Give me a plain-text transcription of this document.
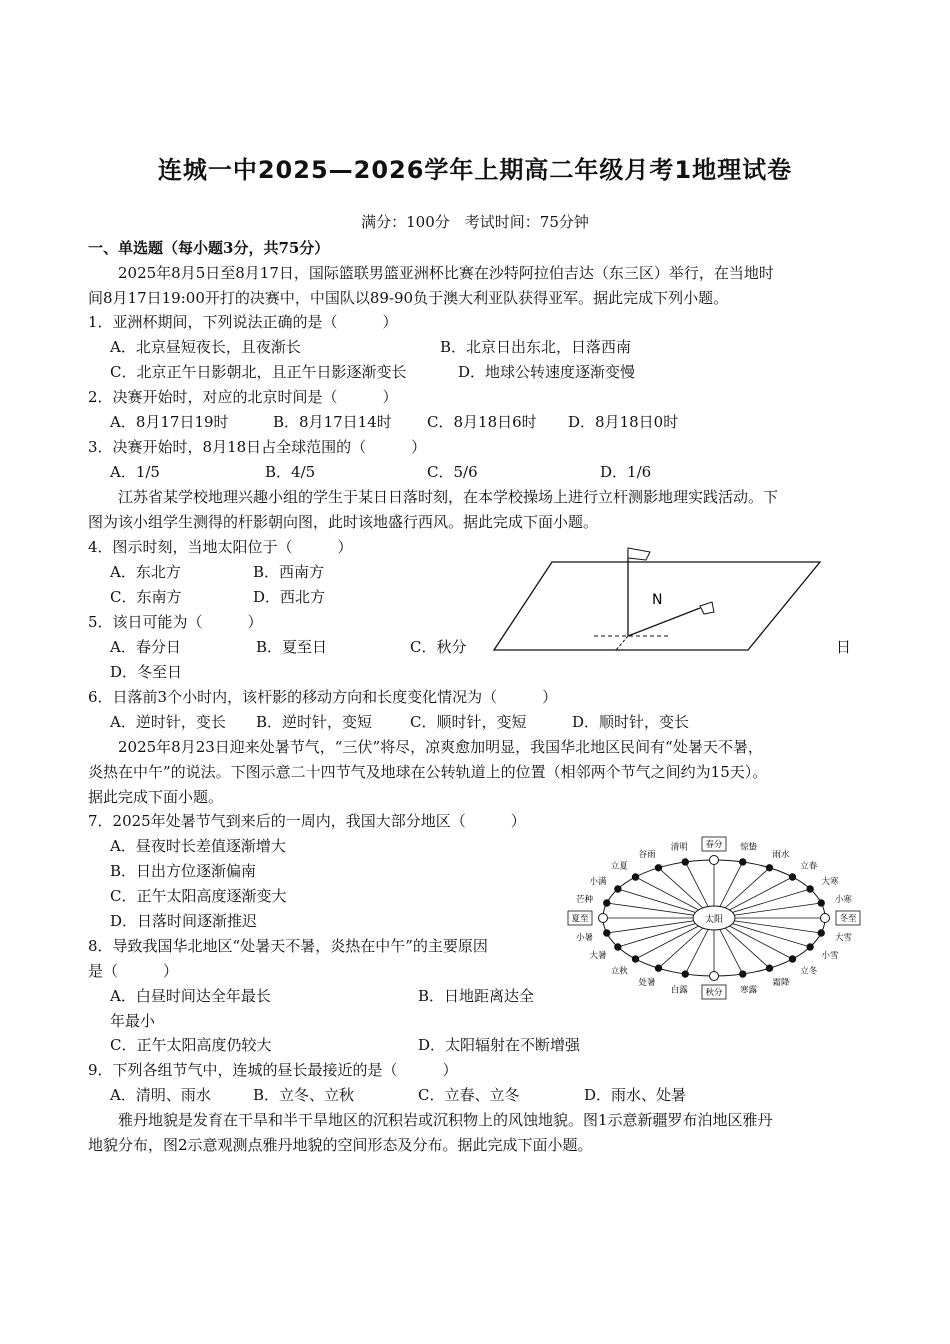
连城一中2025—2026学年上期高二年级月考1地理试卷
满分：100分　考试时间：75分钟
一、单选题（每小题3分，共75分）
2025年8月5日至8月17日，国际篮联男篮亚洲杯比赛在沙特阿拉伯吉达（东三区）举行，在当地时
间8月17日19:00开打的决赛中，中国队以89-90负于澳大利亚队获得亚军。据此完成下列小题。
1．亚洲杯期间，下列说法正确的是（　　　）
A．北京昼短夜长，且夜渐长	B．北京日出东北，日落西南
C．北京正午日影朝北，且正午日影逐渐变长	D．地球公转速度逐渐变慢
2．决赛开始时，对应的北京时间是（　　　）
A．8月17日19时	B．8月17日14时 C．8月18日6时 D．8月18日0时
3．决赛开始时，8月18日占全球范围的（　　　）
A．1/5	B．4/5	C．5/6	D．1/6
江苏省某学校地理兴趣小组的学生于某日日落时刻，在本学校操场上进行立杆测影地理实践活动。下
图为该小组学生测得的杆影朝向图，此时该地盛行西风。据此完成下面小题。
4．图示时刻，当地太阳位于（　　　）
A．东北方	B．西南方
C．东南方	D．西北方
5．该日可能为（　　　）
A．春分日	B．夏至日	C．秋分	日
D．冬至日
N
6．日落前3个小时内，该杆影的移动方向和长度变化情况为（　　　）
A．逆时针，变长 B．逆时针，变短	C．顺时针，变短	D．顺时针，变长
2025年8月23日迎来处暑节气，“三伏”将尽，凉爽愈加明显，我国华北地区民间有“处暑天不暑，
炎热在中午”的说法。下图示意二十四节气及地球在公转轨道上的位置（相邻两个节气之间约为15天）。
据此完成下面小题。
7．2025年处暑节气到来后的一周内，我国大部分地区（　　　）
A．昼夜时长差值逐渐增大
B．日出方位逐渐偏南
C．正午太阳高度逐渐变大
D．日落时间逐渐推迟
8．导致我国华北地区“处暑天不暑，炎热在中午”的主要原因
是（　　　）
A．白昼时间达全年最长	B．日地距离达全
年最小
C．正午太阳高度仍较大	D．太阳辐射在不断增强
太阳
春分 惊蛰
雨水
立春
大寒
小寒
冬至
大雪
小雪
立冬
霜降
寒露
秋分
白露
处暑
立秋
大暑
小暑
夏至
芒种
小满
立夏
谷雨
清明
9．下列各组节气中，连城的昼长最接近的是（　　　）
A．清明、雨水	B．立冬、立秋	C．立春、立冬	D．雨水、处暑
雅丹地貌是发育在干旱和半干旱地区的沉积岩或沉积物上的风蚀地貌。图1示意新疆罗布泊地区雅丹
地貌分布，图2示意观测点雅丹地貌的空间形态及分布。据此完成下面小题。
